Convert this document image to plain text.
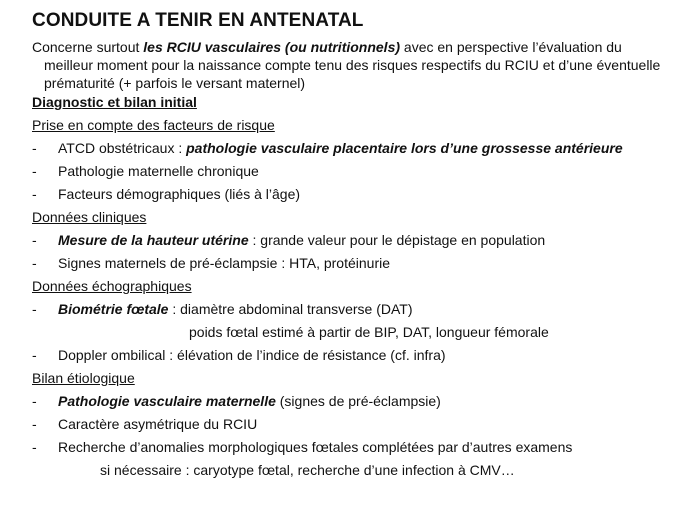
CONDUITE A TENIR EN ANTENATAL
Concerne surtout les RCIU vasculaires (ou nutritionnels) avec en perspective l’évaluation du meilleur moment pour la naissance compte tenu des risques respectifs du RCIU et d’une éventuelle prématurité (+ parfois le versant maternel)
Diagnostic et bilan initial
Prise en compte des facteurs de risque
- ATCD obstétricaux : pathologie vasculaire placentaire lors d’une grossesse antérieure
- Pathologie maternelle chronique
- Facteurs démographiques (liés à l’âge)
Données cliniques
- Mesure de la hauteur utérine : grande valeur pour le dépistage en population
- Signes maternels de pré-éclampsie : HTA, protéinurie
Données échographiques
- Biométrie fœtale : diamètre abdominal transverse (DAT)
poids fœtal estimé à partir de BIP, DAT, longueur fémorale
- Doppler ombilical : élévation de l’indice de résistance (cf. infra)
Bilan étiologique
- Pathologie vasculaire maternelle (signes de pré-éclampsie)
- Caractère asymétrique du RCIU
- Recherche d’anomalies morphologiques fœtales complétées par d’autres examens
si nécessaire : caryotype fœtal, recherche d’une infection à CMV…
